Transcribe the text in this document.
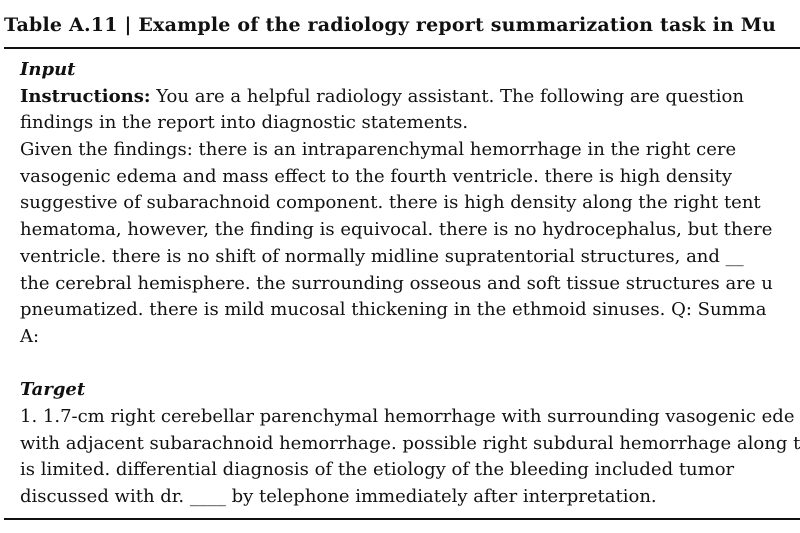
Table A.11 | Example of the radiology report summarization task in Mu
Input
Instructions: You are a helpful radiology assistant. The following are question
findings in the report into diagnostic statements.
Given the findings: there is an intraparenchymal hemorrhage in the right cere
vasogenic edema and mass effect to the fourth ventricle. there is high density
suggestive of subarachnoid component. there is high density along the right tent
hematoma, however, the finding is equivocal. there is no hydrocephalus, but there
ventricle. there is no shift of normally midline supratentorial structures, and __
the cerebral hemisphere. the surrounding osseous and soft tissue structures are u
pneumatized. there is mild mucosal thickening in the ethmoid sinuses. Q: Summa
A:
Target
1. 1.7-cm right cerebellar parenchymal hemorrhage with surrounding vasogenic ede
with adjacent subarachnoid hemorrhage. possible right subdural hemorrhage along t
is limited. differential diagnosis of the etiology of the bleeding included tumor
discussed with dr. ____ by telephone immediately after interpretation.
